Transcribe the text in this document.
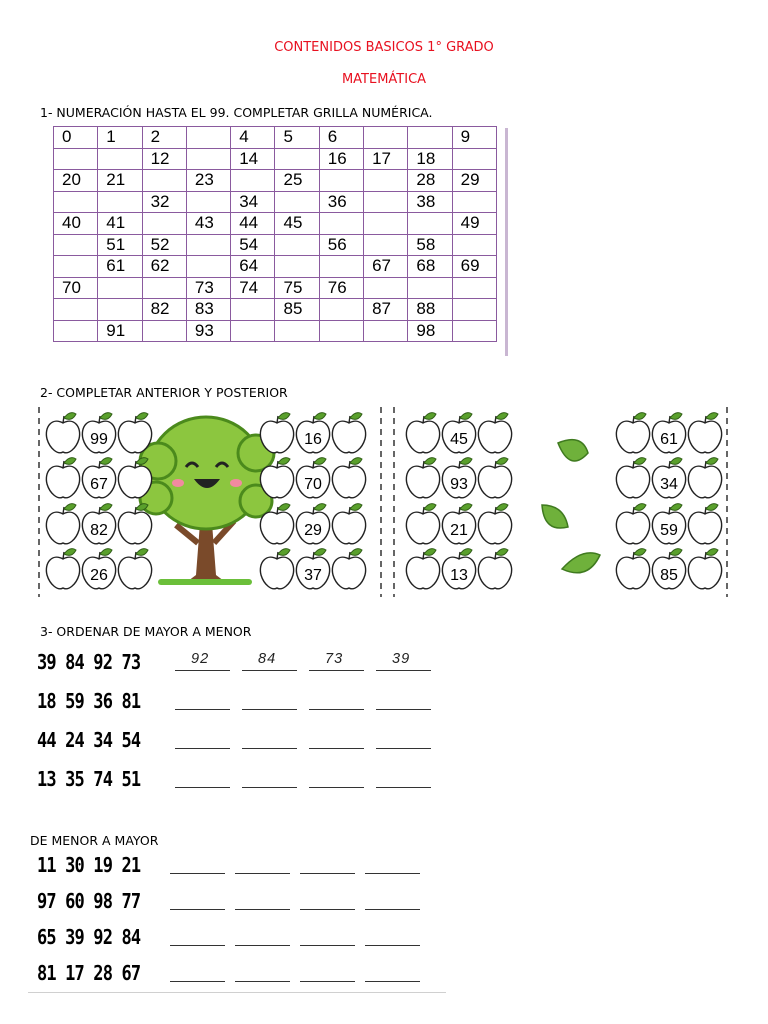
CONTENIDOS BASICOS 1° GRADO
MATEMÁTICA
1- NUMERACIÓN HASTA EL 99. COMPLETAR GRILLA NUMÉRICA.
0	1	2		4	5	6			9
		12		14		16	17	18	
20	21		23		25			28	29
		32		34		36		38	
40	41		43	44	45				49
	51	52		54		56		58	
	61	62		64			67	68	69
70			73	74	75	76			
		82	83		85		87	88	
	91		93					98	
2- COMPLETAR ANTERIOR Y POSTERIOR
99
67
82
26
16
70
29
37
45
93
21
13
61
34
59
85
3- ORDENAR DE MAYOR A MENOR
39 84 92 73	92	84	73	39
18 59 36 81
44 24 34 54
13 35 74 51
DE MENOR A MAYOR
11 30 19 21
97 60 98 77
65 39 92 84
81 17 28 67
